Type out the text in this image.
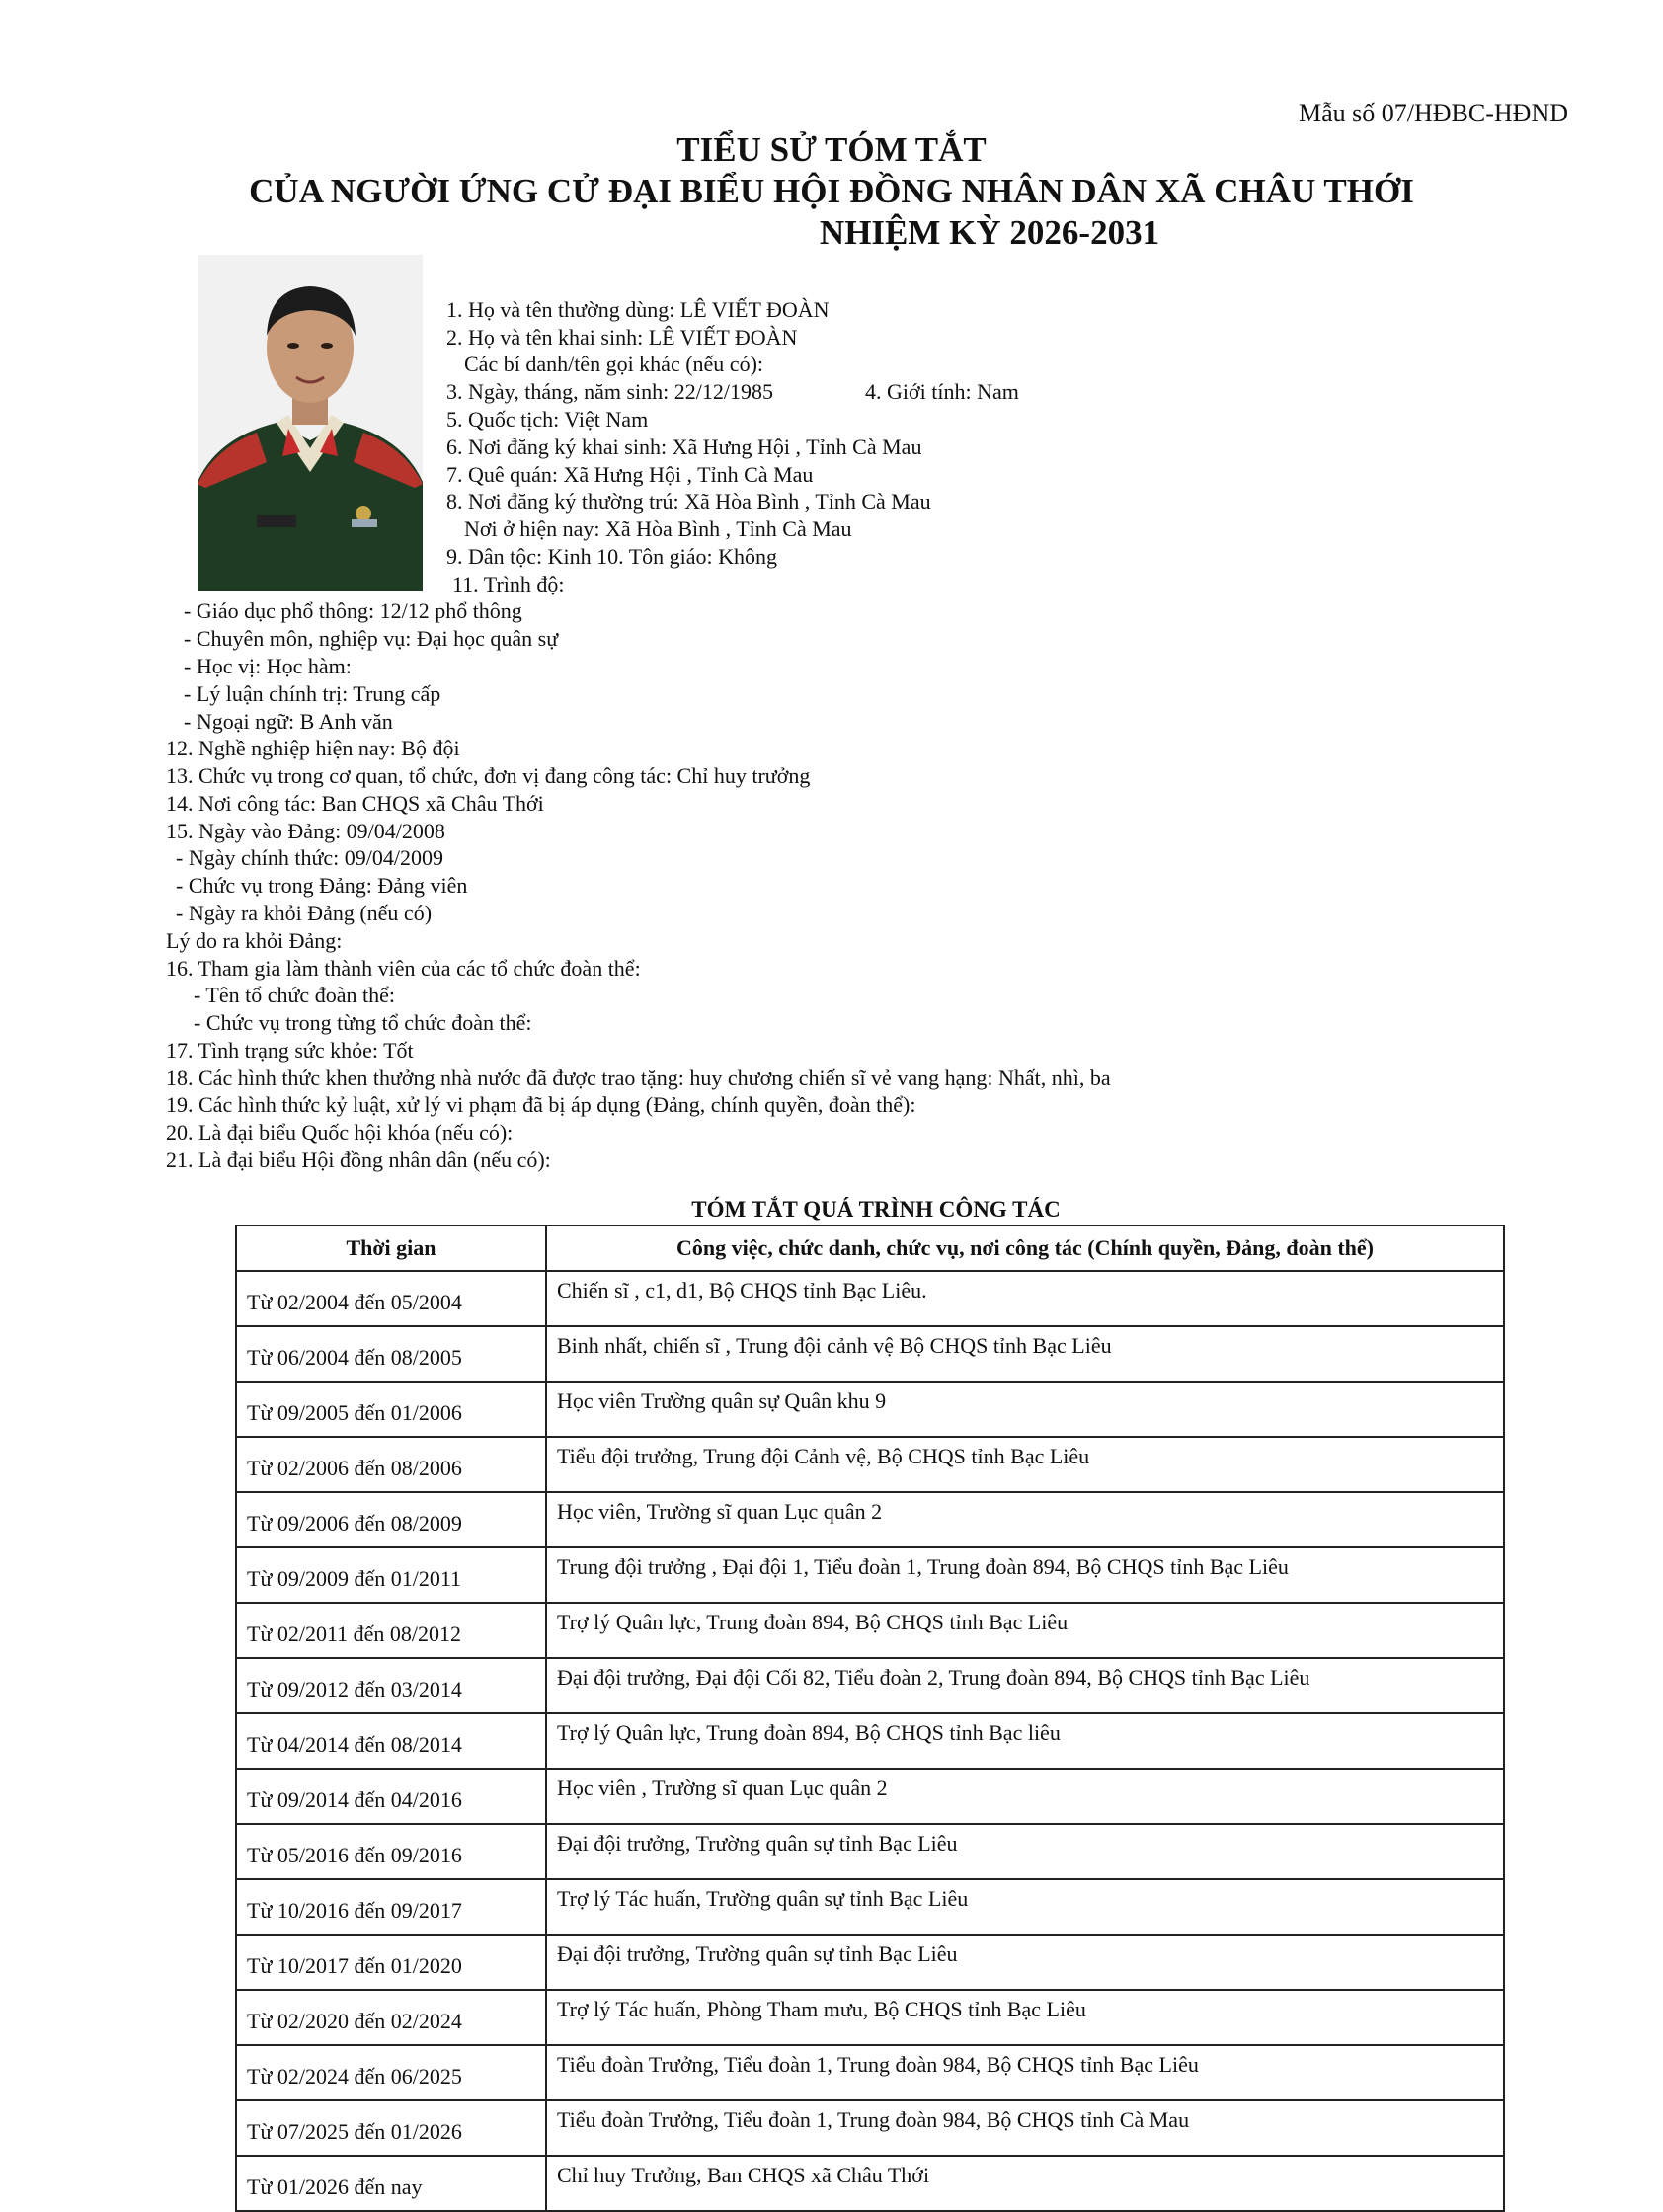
Mẫu số 07/HĐBC-HĐND
TIỂU SỬ TÓM TẮT
CỦA NGƯỜI ỨNG CỬ ĐẠI BIỂU HỘI ĐỒNG NHÂN DÂN XÃ CHÂU THỚI
NHIỆM KỲ 2026-2031
1. Họ và tên thường dùng: LÊ VIẾT ĐOÀN
2. Họ và tên khai sinh: LÊ VIẾT ĐOÀN
Các bí danh/tên gọi khác (nếu có):
3. Ngày, tháng, năm sinh: 22/12/1985	4. Giới tính: Nam
5. Quốc tịch: Việt Nam
6. Nơi đăng ký khai sinh: Xã Hưng Hội , Tỉnh Cà Mau
7. Quê quán: Xã Hưng Hội , Tỉnh Cà Mau
8. Nơi đăng ký thường trú: Xã Hòa Bình , Tỉnh Cà Mau
Nơi ở hiện nay: Xã Hòa Bình , Tỉnh Cà Mau
9. Dân tộc: Kinh 10. Tôn giáo: Không
11. Trình độ:
- Giáo dục phổ thông: 12/12 phổ thông
- Chuyên môn, nghiệp vụ: Đại học quân sự
- Học vị: Học hàm:
- Lý luận chính trị: Trung cấp
- Ngoại ngữ: B Anh văn
12. Nghề nghiệp hiện nay: Bộ đội
13. Chức vụ trong cơ quan, tổ chức, đơn vị đang công tác: Chỉ huy trưởng
14. Nơi công tác: Ban CHQS xã Châu Thới
15. Ngày vào Đảng: 09/04/2008
- Ngày chính thức: 09/04/2009
- Chức vụ trong Đảng: Đảng viên
- Ngày ra khỏi Đảng (nếu có)
Lý do ra khỏi Đảng:
16. Tham gia làm thành viên của các tổ chức đoàn thể:
- Tên tổ chức đoàn thể:
- Chức vụ trong từng tổ chức đoàn thể:
17. Tình trạng sức khỏe: Tốt
18. Các hình thức khen thưởng nhà nước đã được trao tặng: huy chương chiến sĩ vẻ vang hạng: Nhất, nhì, ba
19. Các hình thức kỷ luật, xử lý vi phạm đã bị áp dụng (Đảng, chính quyền, đoàn thể):
20. Là đại biểu Quốc hội khóa (nếu có):
21. Là đại biểu Hội đồng nhân dân (nếu có):
TÓM TẮT QUÁ TRÌNH CÔNG TÁC
Thời gian	Công việc, chức danh, chức vụ, nơi công tác (Chính quyền, Đảng, đoàn thể)
Từ 02/2004 đến 05/2004	Chiến sĩ , c1, d1, Bộ CHQS tỉnh Bạc Liêu.
Từ 06/2004 đến 08/2005	Binh nhất, chiến sĩ , Trung đội cảnh vệ Bộ CHQS tỉnh Bạc Liêu
Từ 09/2005 đến 01/2006	Học viên Trường quân sự Quân khu 9
Từ 02/2006 đến 08/2006	Tiểu đội trưởng, Trung đội Cảnh vệ, Bộ CHQS tỉnh Bạc Liêu
Từ 09/2006 đến 08/2009	Học viên, Trường sĩ quan Lục quân 2
Từ 09/2009 đến 01/2011	Trung đội trưởng , Đại đội 1, Tiểu đoàn 1, Trung đoàn 894, Bộ CHQS tỉnh Bạc Liêu
Từ 02/2011 đến 08/2012	Trợ lý Quân lực, Trung đoàn 894, Bộ CHQS tỉnh Bạc Liêu
Từ 09/2012 đến 03/2014	Đại đội trưởng, Đại đội Cối 82, Tiểu đoàn 2, Trung đoàn 894, Bộ CHQS tỉnh Bạc Liêu
Từ 04/2014 đến 08/2014	Trợ lý Quân lực, Trung đoàn 894, Bộ CHQS tỉnh Bạc liêu
Từ 09/2014 đến 04/2016	Học viên , Trường sĩ quan Lục quân 2
Từ 05/2016 đến 09/2016	Đại đội trưởng, Trường quân sự tỉnh Bạc Liêu
Từ 10/2016 đến 09/2017	Trợ lý Tác huấn, Trường quân sự tỉnh Bạc Liêu
Từ 10/2017 đến 01/2020	Đại đội trưởng, Trường quân sự tỉnh Bạc Liêu
Từ 02/2020 đến 02/2024	Trợ lý Tác huấn, Phòng Tham mưu, Bộ CHQS tỉnh Bạc Liêu
Từ 02/2024 đến 06/2025	Tiểu đoàn Trưởng, Tiểu đoàn 1, Trung đoàn 984, Bộ CHQS tỉnh Bạc Liêu
Từ 07/2025 đến 01/2026	Tiểu đoàn Trưởng, Tiểu đoàn 1, Trung đoàn 984, Bộ CHQS tỉnh Cà Mau
Từ 01/2026 đến nay	Chỉ huy Trưởng, Ban CHQS xã Châu Thới
